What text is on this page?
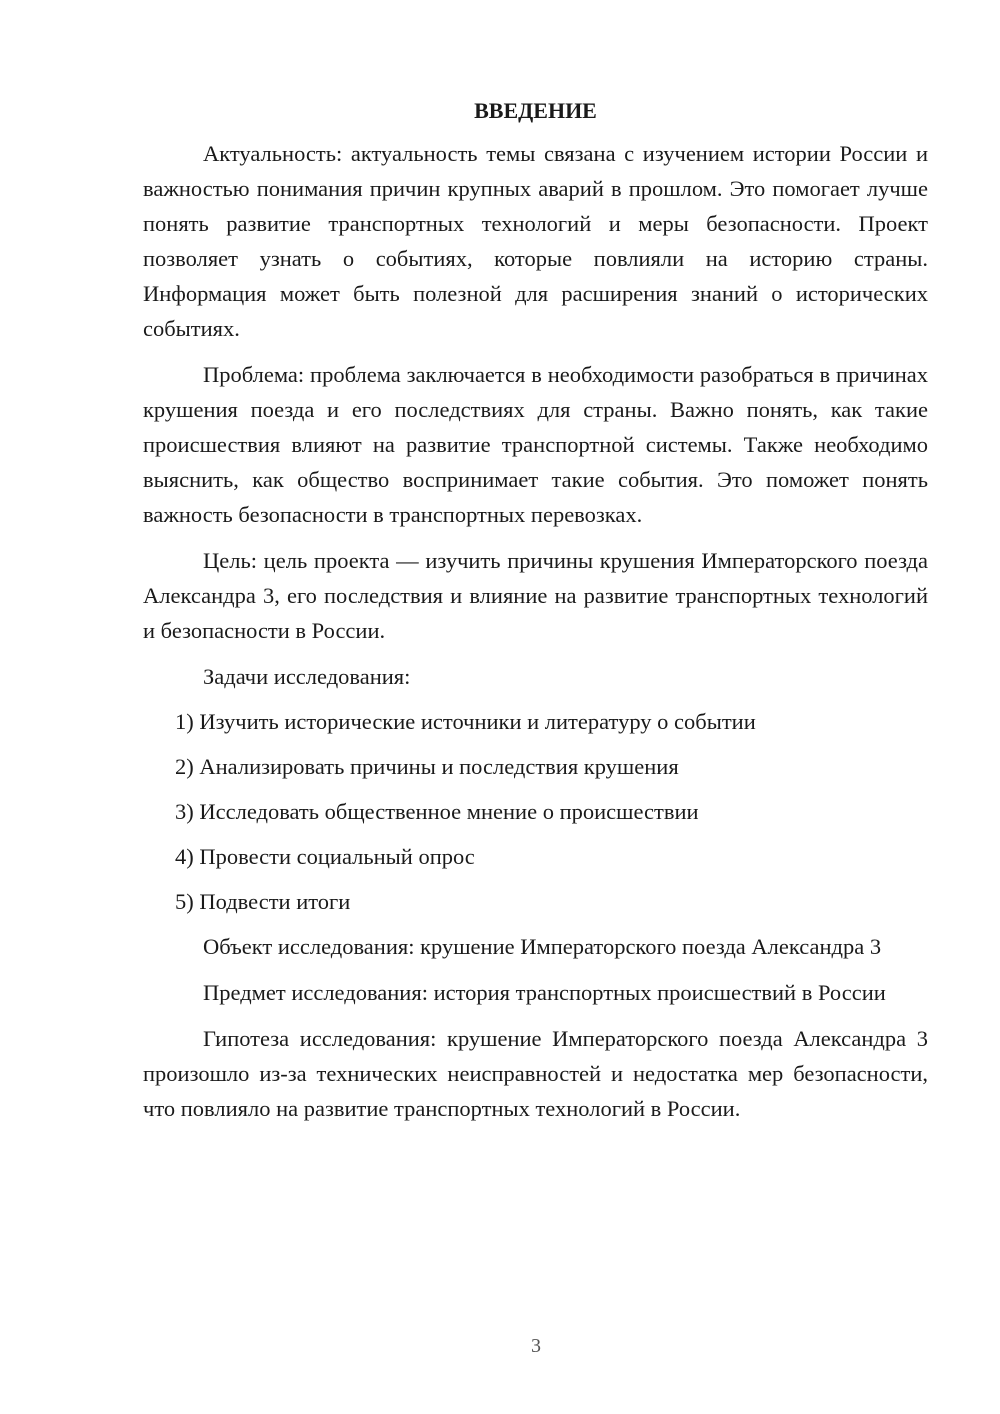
ВВЕДЕНИЕ
Актуальность: актуальность темы связана с изучением истории России и важностью понимания причин крупных аварий в прошлом. Это помогает лучше понять развитие транспортных технологий и меры безопасности. Проект позволяет узнать о событиях, которые повлияли на историю страны. Информация может быть полезной для расширения знаний о исторических событиях.
Проблема: проблема заключается в необходимости разобраться в причинах крушения поезда и его последствиях для страны. Важно понять, как такие происшествия влияют на развитие транспортной системы. Также необходимо выяснить, как общество воспринимает такие события. Это поможет понять важность безопасности в транспортных перевозках.
Цель: цель проекта — изучить причины крушения Императорского поезда Александра 3, его последствия и влияние на развитие транспортных технологий и безопасности в России.
Задачи исследования:
1) Изучить исторические источники и литературу о событии
2) Анализировать причины и последствия крушения
3) Исследовать общественное мнение о происшествии
4) Провести социальный опрос
5) Подвести итоги
Объект исследования: крушение Императорского поезда Александра 3
Предмет исследования: история транспортных происшествий в России
Гипотеза исследования: крушение Императорского поезда Александра 3 произошло из-за технических неисправностей и недостатка мер безопасности, что повлияло на развитие транспортных технологий в России.
3
